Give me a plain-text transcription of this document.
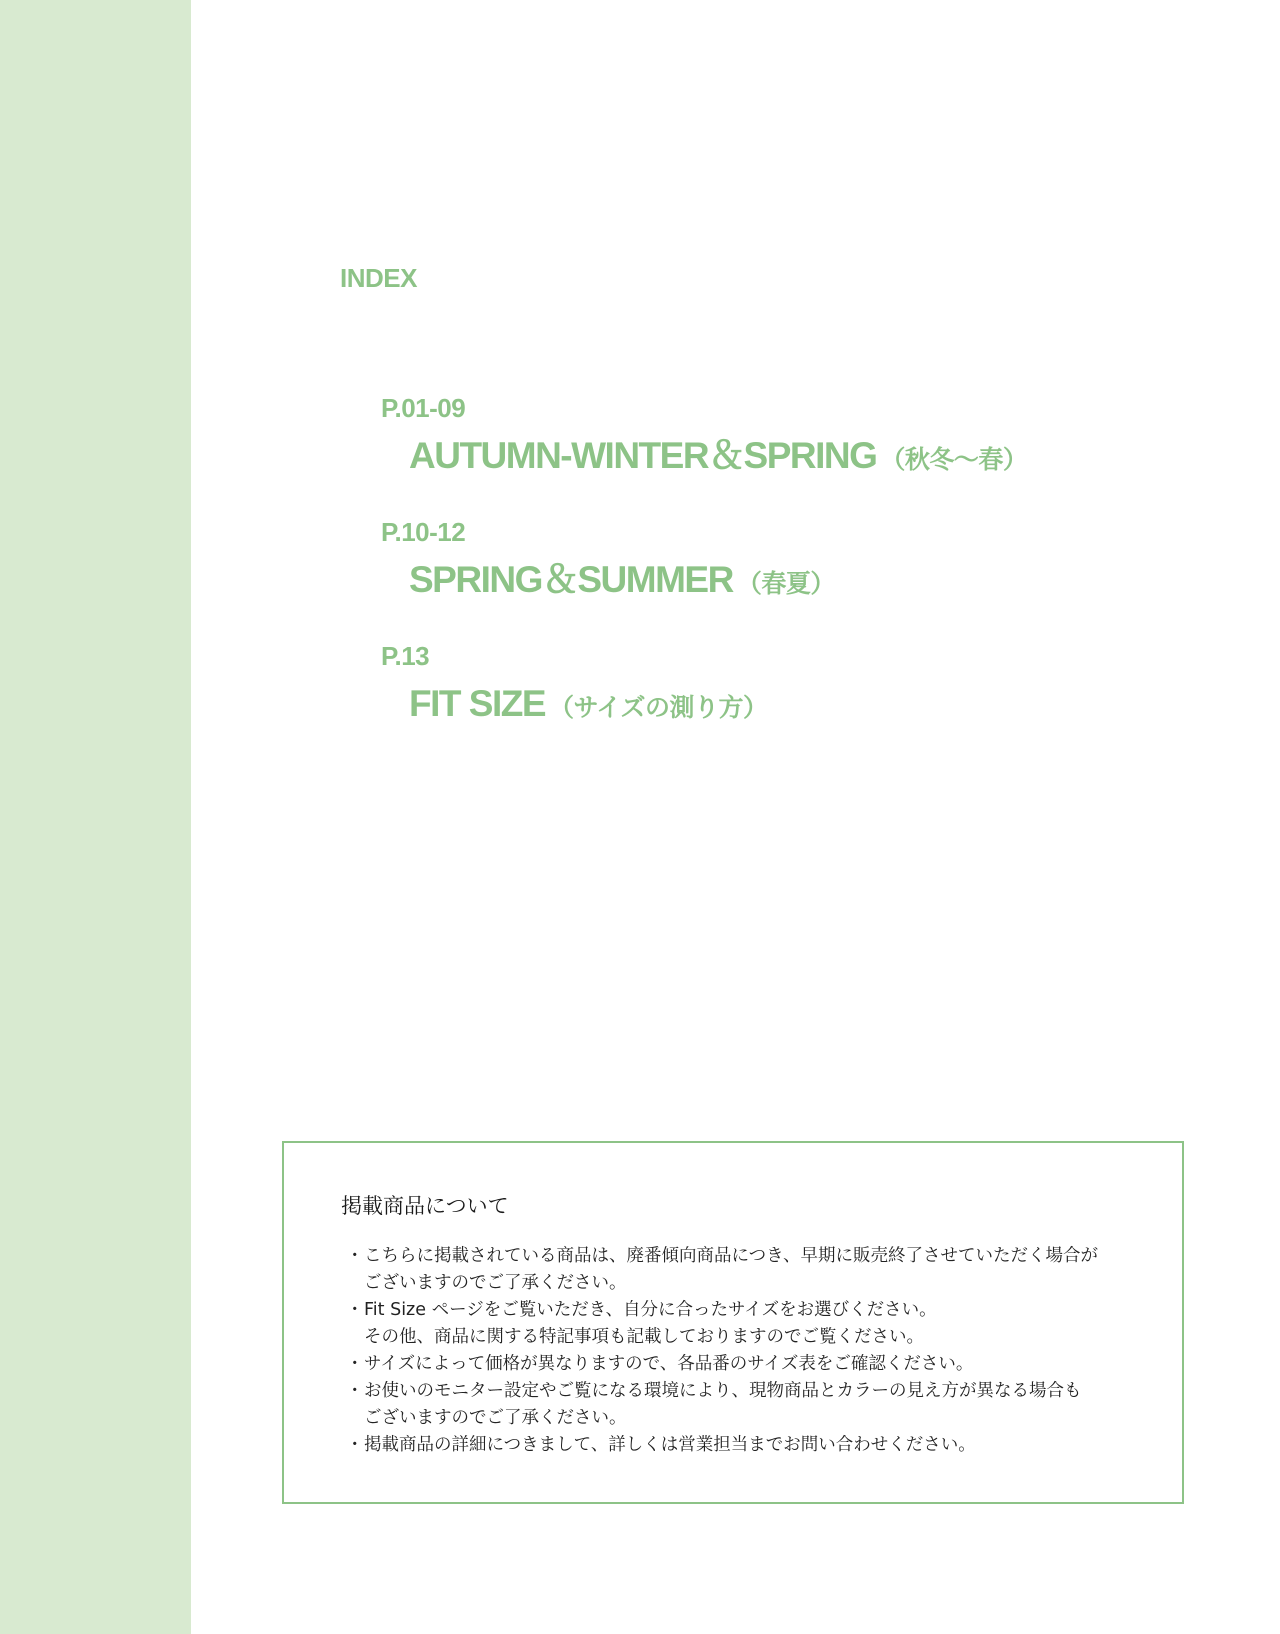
INDEX
P.01-09
AUTUMN-WINTER＆SPRING （秋冬～春）
P.10-12
SPRING＆SUMMER （春夏）
P.13
FIT SIZE （サイズの測り方）
掲載商品について
・ こちらに掲載されている商品は、廃番傾向商品につき、早期に販売終了させていただく場合が
ございますのでご了承ください。
・ Fit Size ページをご覧いただき、自分に合ったサイズをお選びください。
その他、商品に関する特記事項も記載しておりますのでご覧ください。
・ サイズによって価格が異なりますので、各品番のサイズ表をご確認ください。
・ お使いのモニター設定やご覧になる環境により、現物商品とカラーの見え方が異なる場合も
ございますのでご了承ください。
・ 掲載商品の詳細につきまして、詳しくは営業担当までお問い合わせください。
